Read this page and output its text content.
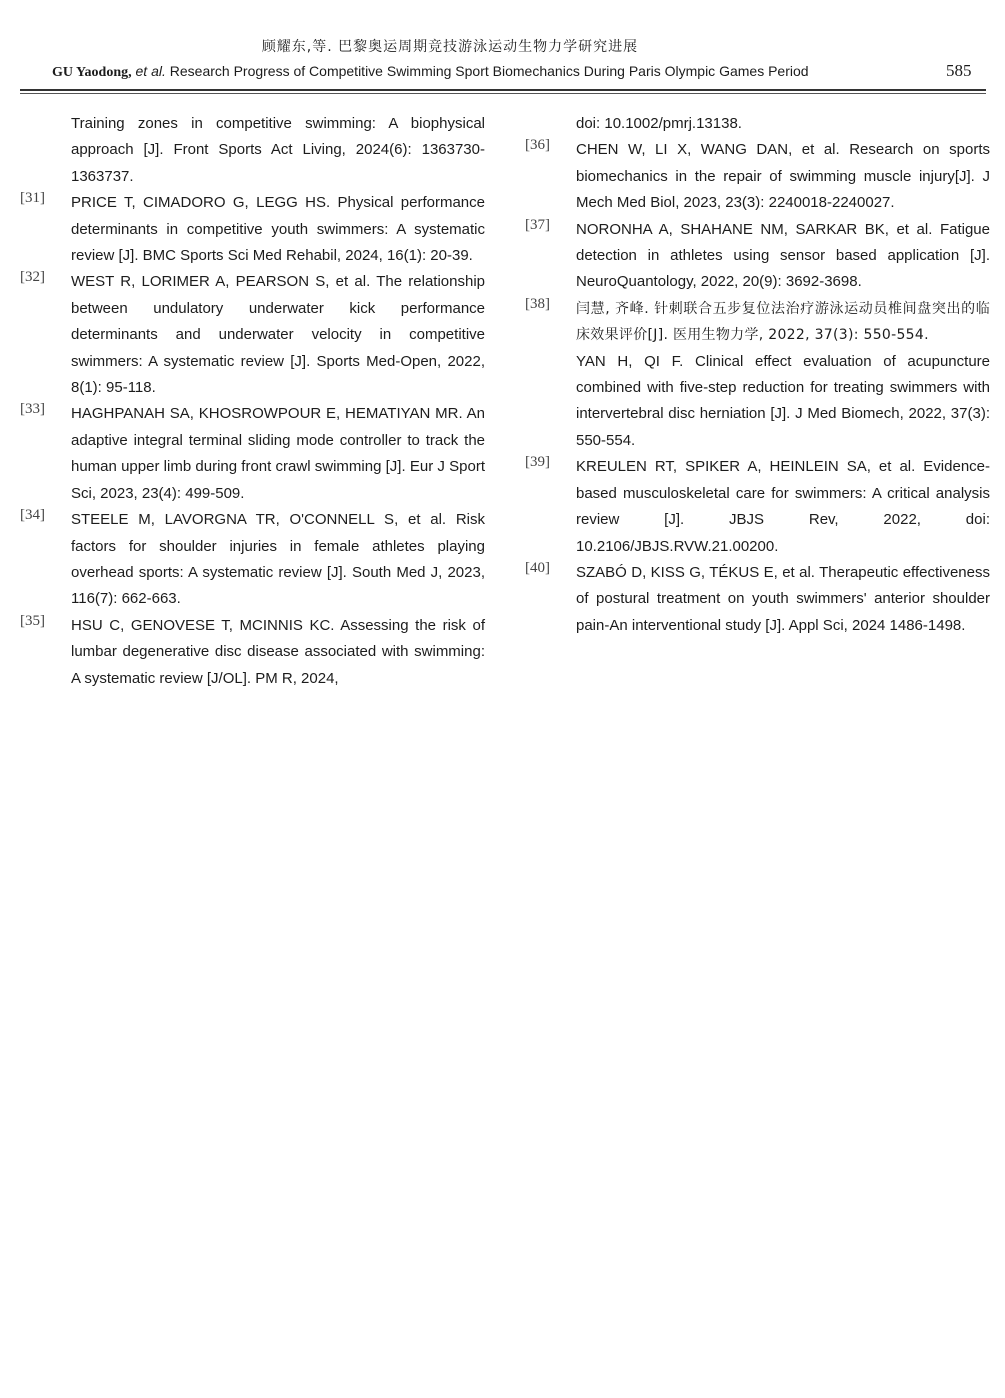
顾耀东,等. 巴黎奥运周期竞技游泳运动生物力学研究进展
GU Yaodong, et al. Research Progress of Competitive Swimming Sport Biomechanics During Paris Olympic Games Period	585
Training zones in competitive swimming: A biophysical approach [J]. Front Sports Act Living, 2024(6): 1363730-1363737.
[31] PRICE T, CIMADORO G, LEGG HS. Physical performance determinants in competitive youth swimmers: A systematic review [J]. BMC Sports Sci Med Rehabil, 2024, 16(1): 20-39.
[32] WEST R, LORIMER A, PEARSON S, et al. The relationship between undulatory underwater kick performance determinants and underwater velocity in competitive swimmers: A systematic review [J]. Sports Med-Open, 2022, 8(1): 95-118.
[33] HAGHPANAH SA, KHOSROWPOUR E, HEMATIYAN MR. An adaptive integral terminal sliding mode controller to track the human upper limb during front crawl swimming [J]. Eur J Sport Sci, 2023, 23(4): 499-509.
[34] STEELE M, LAVORGNA TR, O'CONNELL S, et al. Risk factors for shoulder injuries in female athletes playing overhead sports: A systematic review [J]. South Med J, 2023, 116(7): 662-663.
[35] HSU C, GENOVESE T, MCINNIS KC. Assessing the risk of lumbar degenerative disc disease associated with swimming: A systematic review [J/OL]. PM R, 2024,
doi: 10.1002/pmrj.13138.
[36] CHEN W, LI X, WANG DAN, et al. Research on sports biomechanics in the repair of swimming muscle injury[J]. J Mech Med Biol, 2023, 23(3): 2240018-2240027.
[37] NORONHA A, SHAHANE NM, SARKAR BK, et al. Fatigue detection in athletes using sensor based application [J]. NeuroQuantology, 2022, 20(9): 3692-3698.
[38] 闫慧, 齐峰. 针刺联合五步复位法治疗游泳运动员椎间盘突出的临床效果评价[J]. 医用生物力学, 2022, 37(3): 550-554.
YAN H, QI F. Clinical effect evaluation of acupuncture combined with five-step reduction for treating swimmers with intervertebral disc herniation [J]. J Med Biomech, 2022, 37(3): 550-554.
[39] KREULEN RT, SPIKER A, HEINLEIN SA, et al. Evidence-based musculoskeletal care for swimmers: A critical analysis review [J]. JBJS Rev, 2022, doi: 10.2106/JBJS.RVW.21.00200.
[40] SZABÓ D, KISS G, TÉKUS E, et al. Therapeutic effectiveness of postural treatment on youth swimmers' anterior shoulder pain-An interventional study [J]. Appl Sci, 2024 1486-1498.
